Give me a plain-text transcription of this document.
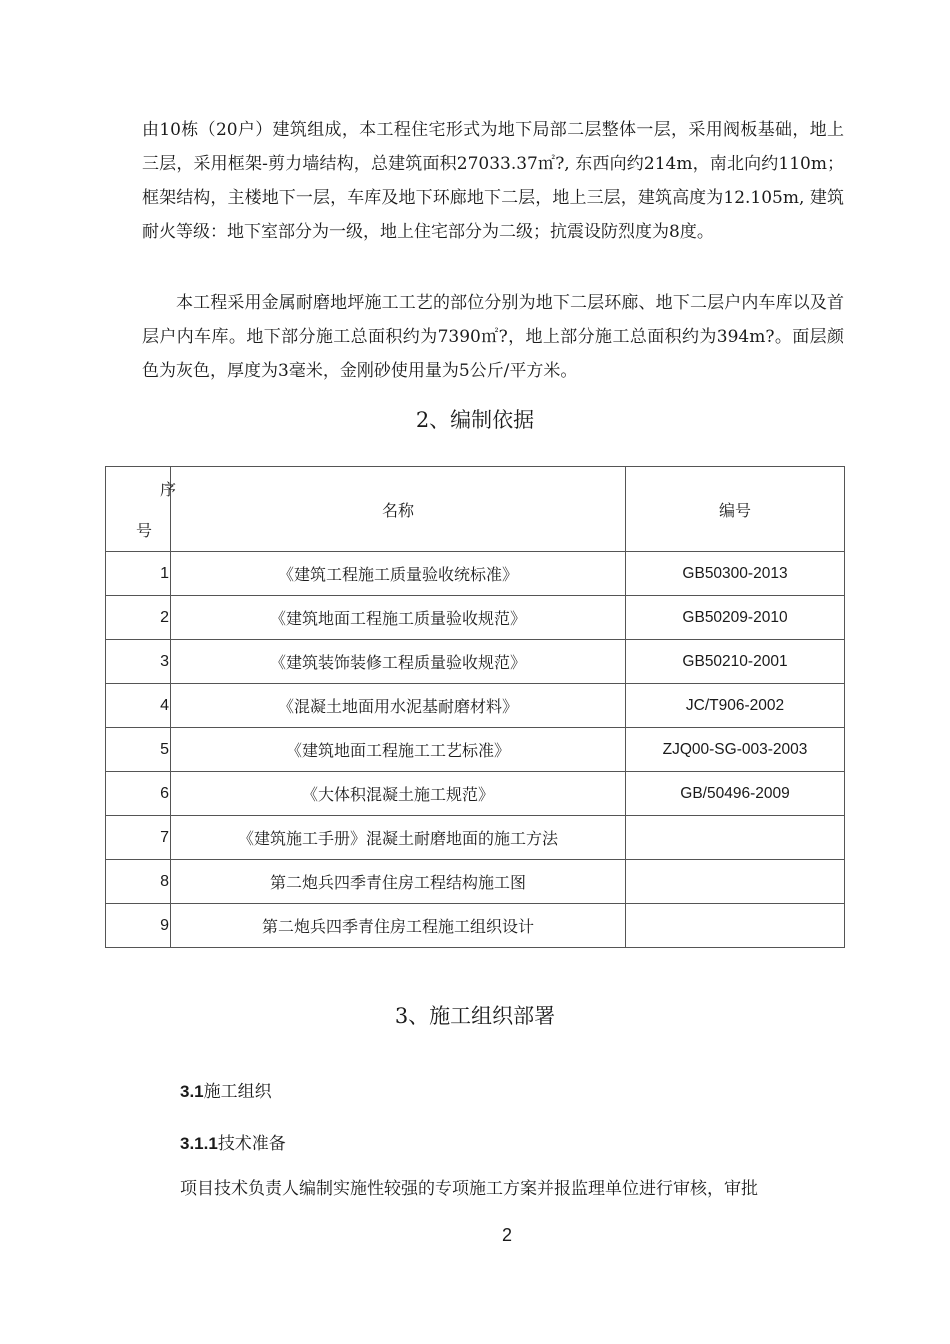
由10栋（20户）建筑组成，本工程住宅形式为地下局部二层整体一层，采用阀板基础，地上三层，采用框架-剪力墙结构，总建筑面积27033.37㎡?, 东西向约214m，南北向约110m；框架结构，主楼地下一层，车库及地下环廊地下二层，地上三层，建筑高度为12.105m, 建筑耐火等级：地下室部分为一级，地上住宅部分为二级；抗震设防烈度为8度。

本工程采用金属耐磨地坪施工工艺的部位分别为地下二层环廊、地下二层户内车库以及首层户内车库。地下部分施工总面积约为7390㎡?，地上部分施工总面积约为394m?。面层颜色为灰色，厚度为3毫米，金刚砂使用量为5公斤/平方米。

2、编制依据
序
号	名称	编号
1	《建筑工程施工质量验收统标准》	GB50300-2013
2	《建筑地面工程施工质量验收规范》	GB50209-2010
3	《建筑装饰装修工程质量验收规范》	GB50210-2001
4	《混凝土地面用水泥基耐磨材料》	JC/T906-2002
5	《建筑地面工程施工工艺标准》	ZJQ00-SG-003-2003
6	《大体积混凝土施工规范》	GB/50496-2009
7	《建筑施工手册》混凝土耐磨地面的施工方法	
8	第二炮兵四季青住房工程结构施工图	
9	第二炮兵四季青住房工程施工组织设计	
3、施工组织部署

3.1施工组织

3.1.1技术准备

项目技术负责人编制实施性较强的专项施工方案并报监理单位进行审核，审批

2
